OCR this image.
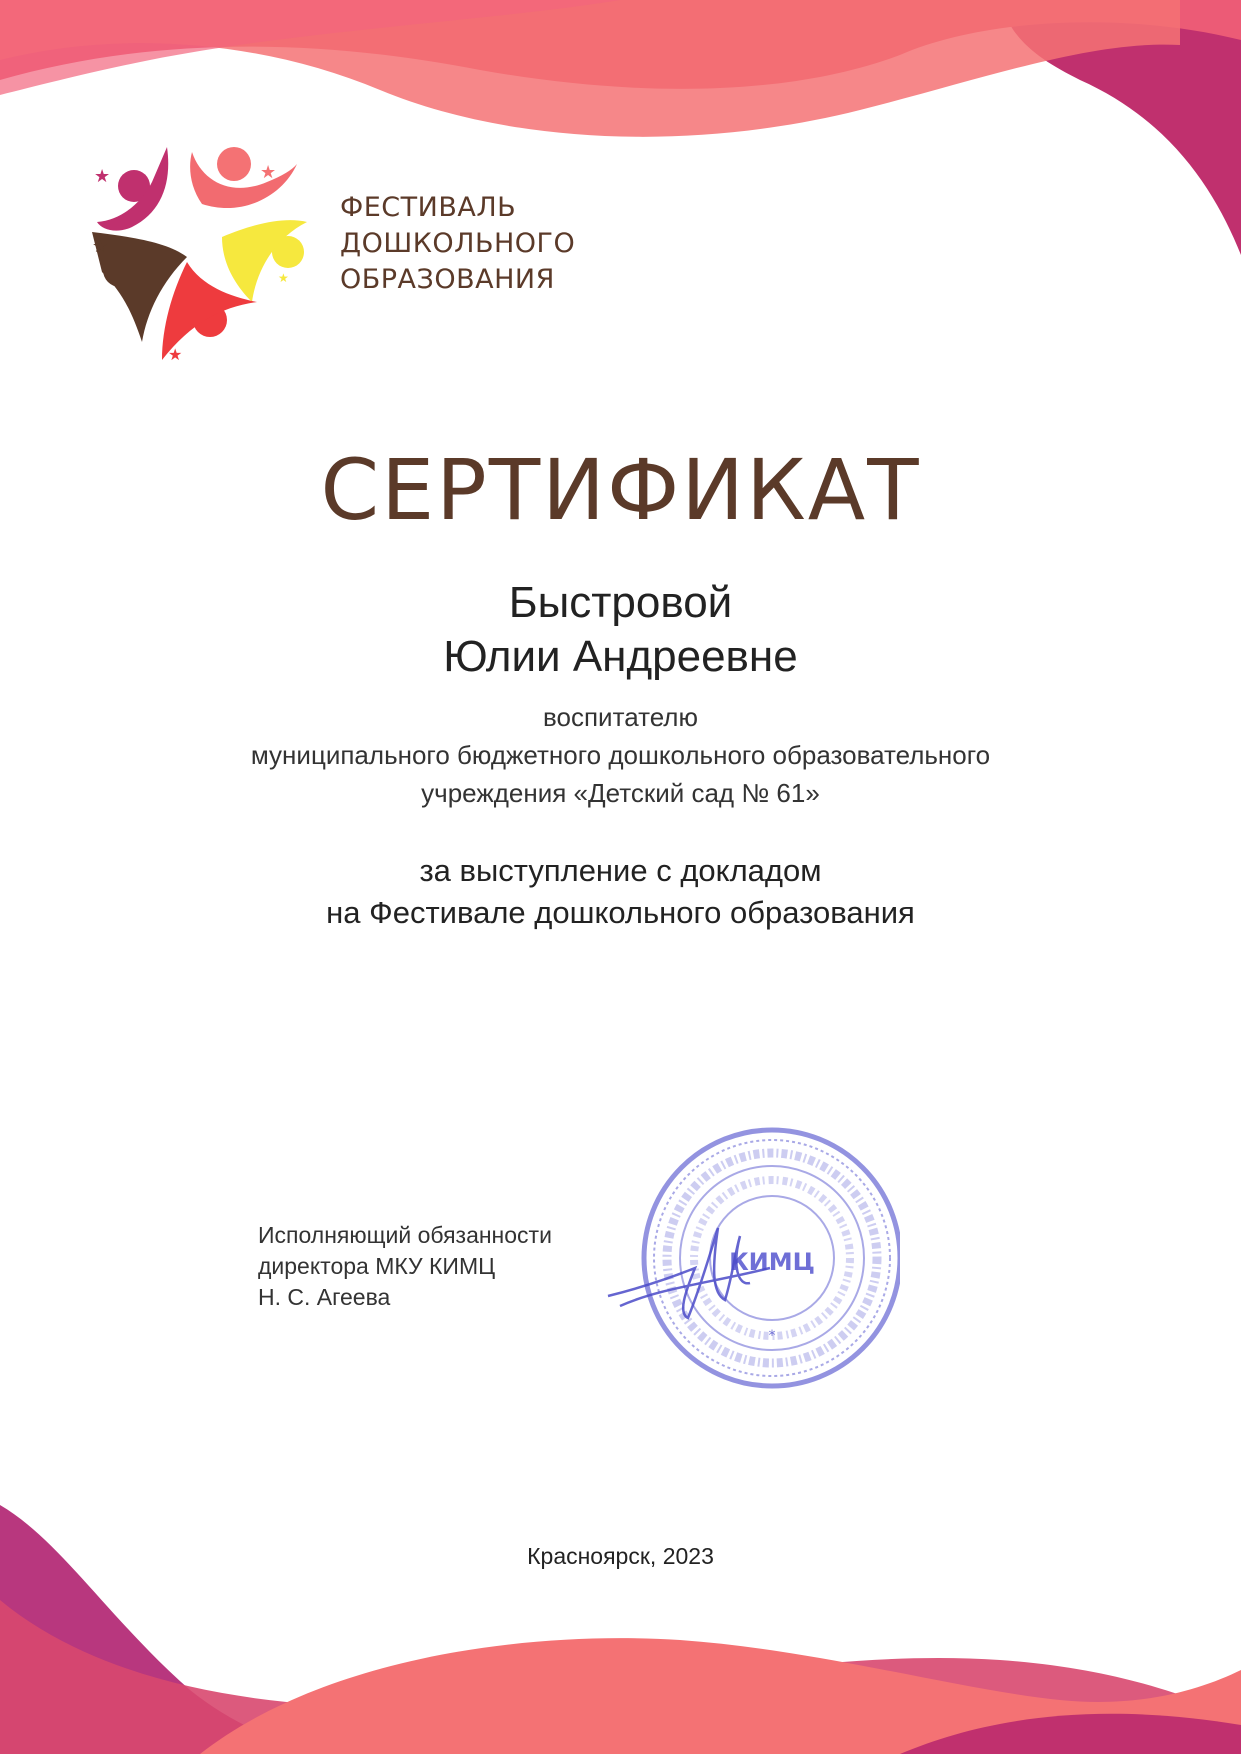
★	★
★
★
★
ФЕСТИВАЛЬ
ДОШКОЛЬНОГО
ОБРАЗОВАНИЯ
СЕРТИФИКАТ
Быстровой
Юлии Андреевне
воспитателю
муниципального бюджетного дошкольного образовательного
учреждения «Детский сад № 61»
за выступление с докладом
на Фестивале дошкольного образования
Исполняющий обязанности
директора МКУ КИМЦ
Н. С. Агеева
КИМЦ
*
Красноярск, 2023
